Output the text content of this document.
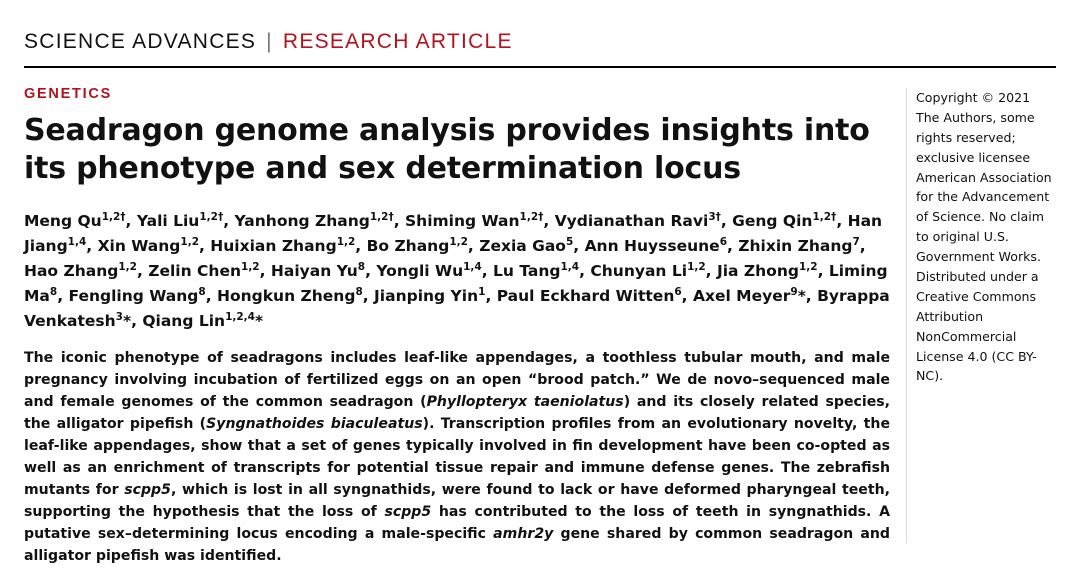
SCIENCE ADVANCES | RESEARCH ARTICLE
GENETICS
Seadragon genome analysis provides insights into its phenotype and sex determination locus
Meng $Qu^{1,2\dagger}$, Yali Liu$^{1,2\dagger}$, Yanhong Zhang$^{1,2\dagger}$, Shiming Wan$^{1,2\dagger}$, Vydianathan Ravi$^{3\dagger}$, Geng Qin$^{1,2\dagger}$, Han Jiang$^{1,4}$, Xin Wang$^{1,2}$, Huixian Zhang$^{1,2}$, Bo Zhang$^{1,2}$, Zexia Gao$^5$, Ann Huysseune$^6$, Zhixin Zhang$^7$, Hao Zhang$^{1,2}$, Zelin Chen$^{1,2}$, Haiyan Yu$^8$, Yongli Wu$^{1,4}$, Lu Tang$^{1,4}$, Chunyan Li$^{1,2}$, Jia Zhong$^{1,2}$, Liming Ma$^8$, Fengling Wang$^8$, Hongkun Zheng$^8$, Jianping Yin$^1$, Paul Eckhard Witten$^6$, Axel Meyer$^9$*, Byrappa Venkatesh$^3$*, Qiang Lin$^{1,2,4}$*

The iconic phenotype of seadragons includes leaf-like appendages, a toothless tubular mouth, and male pregnancy involving incubation of fertilized eggs on an open “brood patch.” We de novo–sequenced male and female genomes of the common seadragon (Phyllopteryx taeniolatus) and its closely related species, the alligator pipefish (Syngnathoides biaculeatus). Transcription profiles from an evolutionary novelty, the leaf-like appendages, show that a set of genes typically involved in fin development have been co-opted as well as an enrichment of transcripts for potential tissue repair and immune defense genes. The zebrafish mutants for scpp5, which is lost in all syngnathids, were found to lack or have deformed pharyngeal teeth, supporting the hypothesis that the loss of scpp5 has contributed to the loss of teeth in syngnathids. A putative sex–determining locus encoding a male-specific amhr2y gene shared by common seadragon and alligator pipefish was identified.

Copyright © 2021 The Authors, some rights reserved; exclusive licensee American Association for the Advancement of Science. No claim to original U.S. Government Works. Distributed under a Creative Commons Attribution NonCommercial License 4.0 (CC BY-NC).
